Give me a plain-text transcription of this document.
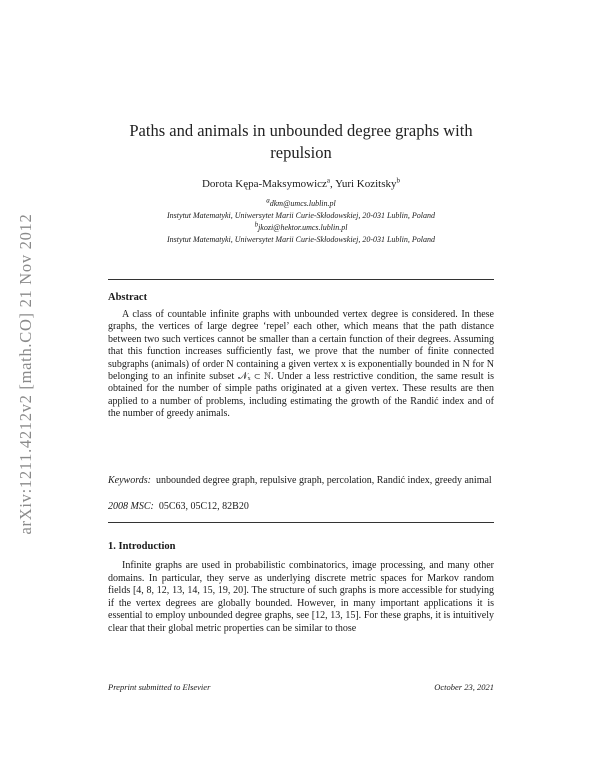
arXiv:1211.4212v2 [math.CO] 21 Nov 2012
Paths and animals in unbounded degree graphs with repulsion
Dorota Kępa-Maksymowicz$^a$, Yuri Kozitsky$^b$
$^a$dkm@umcs.lublin.pl
Instytut Matematyki, Uniwersytet Marii Curie-Skłodowskiej, 20-031 Lublin, Poland
$^b$jkozi@hektor.umcs.lublin.pl
Instytut Matematyki, Uniwersytet Marii Curie-Skłodowskiej, 20-031 Lublin, Poland
Abstract

A class of countable infinite graphs with unbounded vertex degree is considered. In these graphs, the vertices of large degree ‘repel’ each other, which means that the path distance between two such vertices cannot be smaller than a certain function of their degrees. Assuming that this function increases sufficiently fast, we prove that the number of finite connected subgraphs (animals) of order N containing a given vertex x is exponentially bounded in N for N belonging to an infinite subset 𝒩ₓ ⊂ ℕ. Under a less restrictive condition, the same result is obtained for the number of simple paths originated at a given vertex. These results are then applied to a number of problems, including estimating the growth of the Randić index and of the number of greedy animals.

Keywords: unbounded degree graph, repulsive graph, percolation, Randić index, greedy animal

2008 MSC: 05C63, 05C12, 82B20

1. Introduction

Infinite graphs are used in probabilistic combinatorics, image processing, and many other domains. In particular, they serve as underlying discrete metric spaces for Markov random fields [4, 8, 12, 13, 14, 15, 19, 20]. The structure of such graphs is more accessible for studying if the vertex degrees are globally bounded. However, in many important applications it is essential to employ unbounded degree graphs, see [12, 13, 15]. For these graphs, it is intuitively clear that their global metric properties can be similar to those

Preprint submitted to Elsevier	October 23, 2021
